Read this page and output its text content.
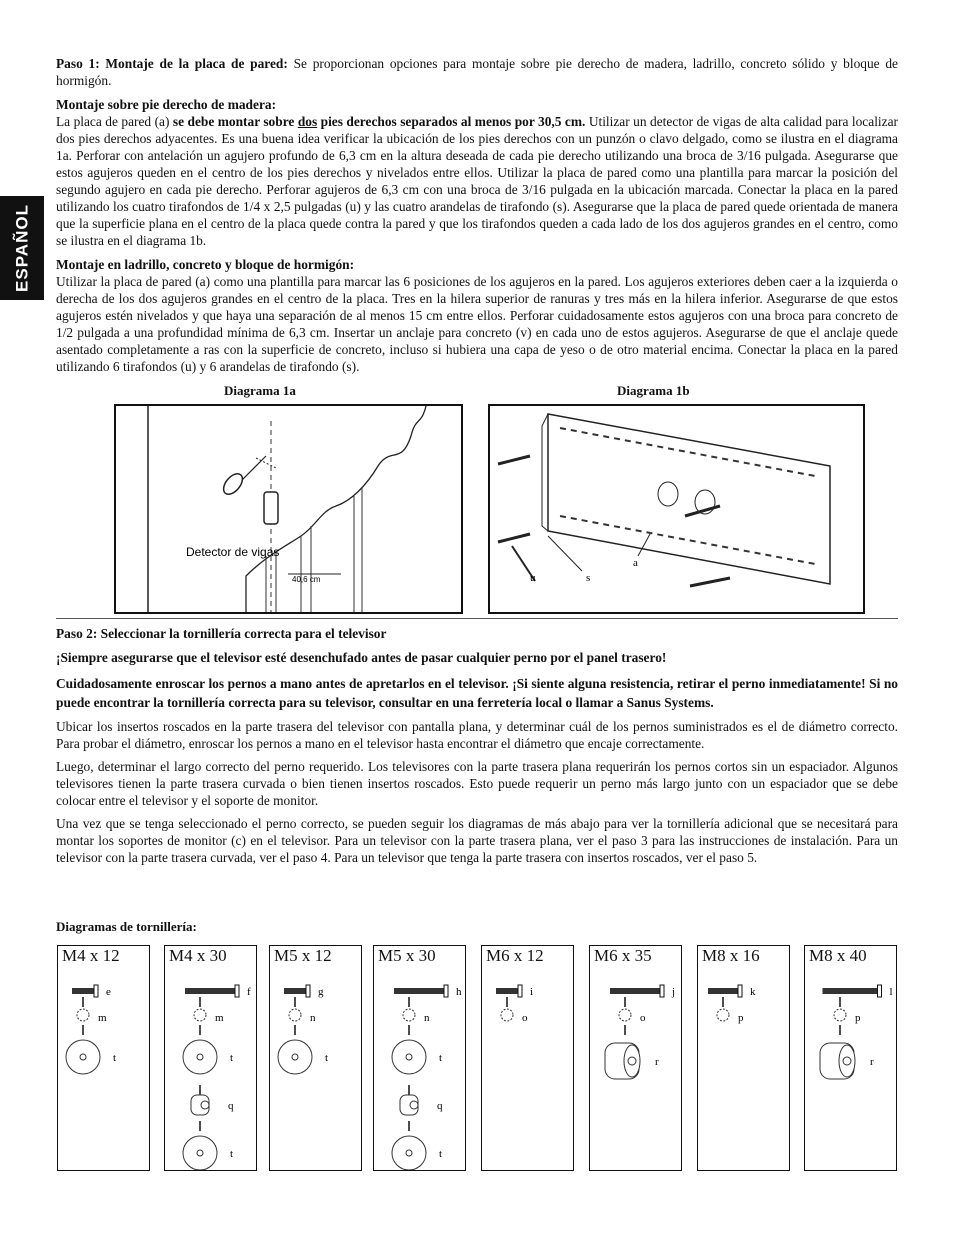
ESPAÑOL

Paso 1: Montaje de la placa de pared: Se proporcionan opciones para montaje sobre pie derecho de madera, ladrillo, concreto sólido y bloque de hormigón.

Montaje sobre pie derecho de madera:

La placa de pared (a) se debe montar sobre dos pies derechos separados al menos por 30,5 cm. Utilizar un detector de vigas de alta calidad para localizar dos pies derechos adyacentes. Es una buena idea verificar la ubicación de los pies derechos con un punzón o clavo delgado, como se ilustra en el diagrama 1a. Perforar con antelación un agujero profundo de 6,3 cm en la altura deseada de cada pie derecho utilizando una broca de 3/16 pulgada. Asegurarse que estos agujeros queden en el centro de los pies derechos y nivelados entre ellos. Utilizar la placa de pared como una plantilla para marcar la posición del segundo agujero en cada pie derecho. Perforar agujeros de 6,3 cm con una broca de 3/16 pulgada en la ubicación marcada. Conectar la placa en la pared utilizando los cuatro tirafondos de 1/4 x 2,5 pulgadas (u) y las cuatro arandelas de tirafondo (s). Asegurarse que la placa de pared quede orientada de manera que la superficie plana en el centro de la placa quede contra la pared y que los tirafondos queden a cada lado de los dos agujeros grandes en el centro, como se ilustra en el diagrama 1b.

Montaje en ladrillo, concreto y bloque de hormigón:

Utilizar la placa de pared (a) como una plantilla para marcar las 6 posiciones de los agujeros en la pared. Los agujeros exteriores deben caer a la izquierda o derecha de los dos agujeros grandes en el centro de la placa. Tres en la hilera superior de ranuras y tres más en la hilera inferior. Asegurarse de que estos agujeros estén nivelados y que haya una separación de al menos 15 cm entre ellos. Perforar cuidadosamente estos agujeros con una broca para concreto de 1/2 pulgada a una profundidad mínima de 6,3 cm. Insertar un anclaje para concreto (v) en cada uno de estos agujeros. Asegurarse de que el anclaje quede asentado completamente a ras con la superficie de concreto, incluso si hubiera una capa de yeso o de otro material encima. Conectar la placa en la pared utilizando 6 tirafondos (u) y 6 arandelas de tirafondo (s).

Diagrama 1a	Diagrama 1b
Detector de vigas
40,6 cm	u	s
a

Paso 2: Seleccionar la tornillería correcta para el televisor

¡Siempre asegurarse que el televisor esté desenchufado antes de pasar cualquier perno por el panel trasero!

Cuidadosamente enroscar los pernos a mano antes de apretarlos en el televisor. ¡Si siente alguna resistencia, retirar el perno inmediatamente! Si no puede encontrar la tornillería correcta para su televisor, consultar en una ferretería local o llamar a Sanus Systems.

Ubicar los insertos roscados en la parte trasera del televisor con pantalla plana, y determinar cuál de los pernos suministrados es el de diámetro correcto. Para probar el diámetro, enroscar los pernos a mano en el televisor hasta encontrar el diámetro que encaje correctamente.

Luego, determinar el largo correcto del perno requerido. Los televisores con la parte trasera plana requerirán los pernos cortos sin un espaciador. Algunos televisores tienen la parte trasera curvada o bien tienen insertos roscados. Esto puede requerir un perno más largo junto con un espaciador que se debe colocar entre el televisor y el soporte de monitor.

Una vez que se tenga seleccionado el perno correcto, se pueden seguir los diagramas de más abajo para ver la tornillería adicional que se necesitará para montar los soportes de monitor (c) en el televisor. Para un televisor con la parte trasera plana, ver el paso 3 para las instrucciones de instalación. Para un televisor con la parte trasera curvada, ver el paso 4. Para un televisor que tenga la parte trasera con insertos roscados, ver el paso 5.

Diagramas de tornillería:
e
m
t
M4 x 12
f
m
t
q
t
M4 x 30
g
n
t
M5 x 12
h
n
t
q
t
M5 x 30
i
o
M6 x 12
j
o
r
M6 x 35
k
p
M8 x 16
l
p
r
M8 x 40
